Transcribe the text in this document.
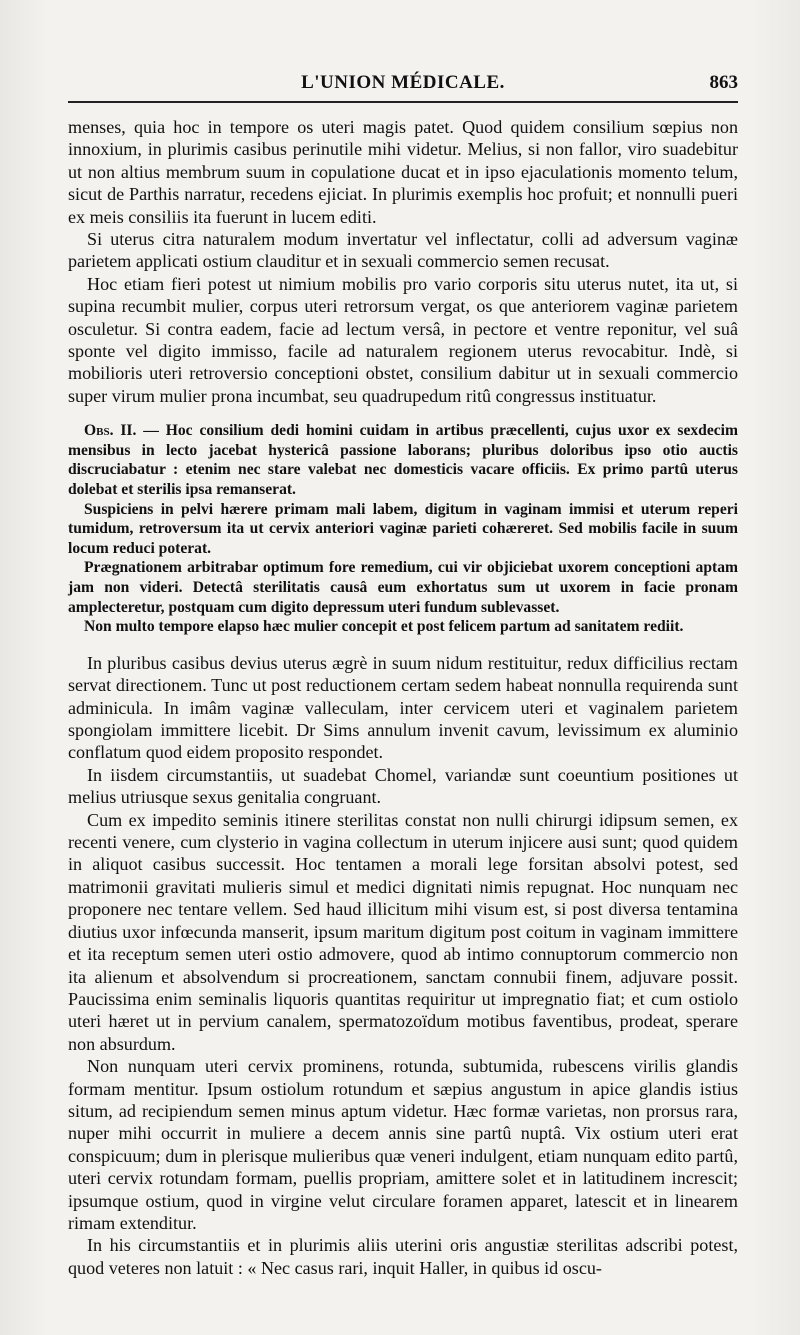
L'UNION MÉDICALE.	863

menses, quia hoc in tempore os uteri magis patet. Quod quidem consilium sœpius non innoxium, in plurimis casibus perinutile mihi videtur. Melius, si non fallor, viro suadebitur ut non altius membrum suum in copulatione ducat et in ipso ejaculationis momento telum, sicut de Parthis narratur, recedens ejiciat. In plurimis exemplis hoc profuit; et nonnulli pueri ex meis consiliis ita fuerunt in lucem editi.

Si uterus citra naturalem modum invertatur vel inflectatur, colli ad adversum vaginæ parietem applicati ostium clauditur et in sexuali commercio semen recusat.

Hoc etiam fieri potest ut nimium mobilis pro vario corporis situ uterus nutet, ita ut, si supina recumbit mulier, corpus uteri retrorsum vergat, os que anteriorem vaginæ parietem osculetur. Si contra eadem, facie ad lectum versâ, in pectore et ventre reponitur, vel suâ sponte vel digito immisso, facile ad naturalem regionem uterus revocabitur. Indè, si mobilioris uteri retroversio conceptioni obstet, consilium dabitur ut in sexuali commercio super virum mulier prona incumbat, seu quadrupedum ritû congressus instituatur.

Obs. II. — Hoc consilium dedi homini cuidam in artibus præcellenti, cujus uxor ex sexdecim mensibus in lecto jacebat hystericâ passione laborans; pluribus doloribus ipso otio auctis discruciabatur : etenim nec stare valebat nec domesticis vacare officiis. Ex primo partû uterus dolebat et sterilis ipsa remanserat.

Suspiciens in pelvi hærere primam mali labem, digitum in vaginam immisi et uterum reperi tumidum, retroversum ita ut cervix anteriori vaginæ parieti cohæreret. Sed mobilis facile in suum locum reduci poterat.

Prægnationem arbitrabar optimum fore remedium, cui vir objiciebat uxorem conceptioni aptam jam non videri. Detectâ sterilitatis causâ eum exhortatus sum ut uxorem in facie pronam amplecteretur, postquam cum digito depressum uteri fundum sublevasset.

Non multo tempore elapso hæc mulier concepit et post felicem partum ad sanitatem rediit.

In pluribus casibus devius uterus ægrè in suum nidum restituitur, redux difficilius rectam servat directionem. Tunc ut post reductionem certam sedem habeat nonnulla requirenda sunt adminicula. In imâm vaginæ valleculam, inter cervicem uteri et vaginalem parietem spongiolam immittere licebit. Dr Sims annulum invenit cavum, levissimum ex aluminio conflatum quod eidem proposito respondet.

In iisdem circumstantiis, ut suadebat Chomel, variandæ sunt coeuntium positiones ut melius utriusque sexus genitalia congruant.

Cum ex impedito seminis itinere sterilitas constat non nulli chirurgi idipsum semen, ex recenti venere, cum clysterio in vagina collectum in uterum injicere ausi sunt; quod quidem in aliquot casibus successit. Hoc tentamen a morali lege forsitan absolvi potest, sed matrimonii gravitati mulieris simul et medici dignitati nimis repugnat. Hoc nunquam nec proponere nec tentare vellem. Sed haud illicitum mihi visum est, si post diversa tentamina diutius uxor infœcunda manserit, ipsum maritum digitum post coitum in vaginam immittere et ita receptum semen uteri ostio admovere, quod ab intimo connuptorum commercio non ita alienum et absolvendum si procreationem, sanctam connubii finem, adjuvare possit. Paucissima enim seminalis liquoris quantitas requiritur ut impregnatio fiat; et cum ostiolo uteri hæret ut in pervium canalem, spermatozoïdum motibus faventibus, prodeat, sperare non absurdum.

Non nunquam uteri cervix prominens, rotunda, subtumida, rubescens virilis glandis formam mentitur. Ipsum ostiolum rotundum et sæpius angustum in apice glandis istius situm, ad recipiendum semen minus aptum videtur. Hæc formæ varietas, non prorsus rara, nuper mihi occurrit in muliere a decem annis sine partû nuptâ. Vix ostium uteri erat conspicuum; dum in plerisque mulieribus quæ veneri indulgent, etiam nunquam edito partû, uteri cervix rotundam formam, puellis propriam, amittere solet et in latitudinem increscit; ipsumque ostium, quod in virgine velut circulare foramen apparet, latescit et in linearem rimam extenditur.

In his circumstantiis et in plurimis aliis uterini oris angustiæ sterilitas adscribi potest, quod veteres non latuit : « Nec casus rari, inquit Haller, in quibus id oscu-
